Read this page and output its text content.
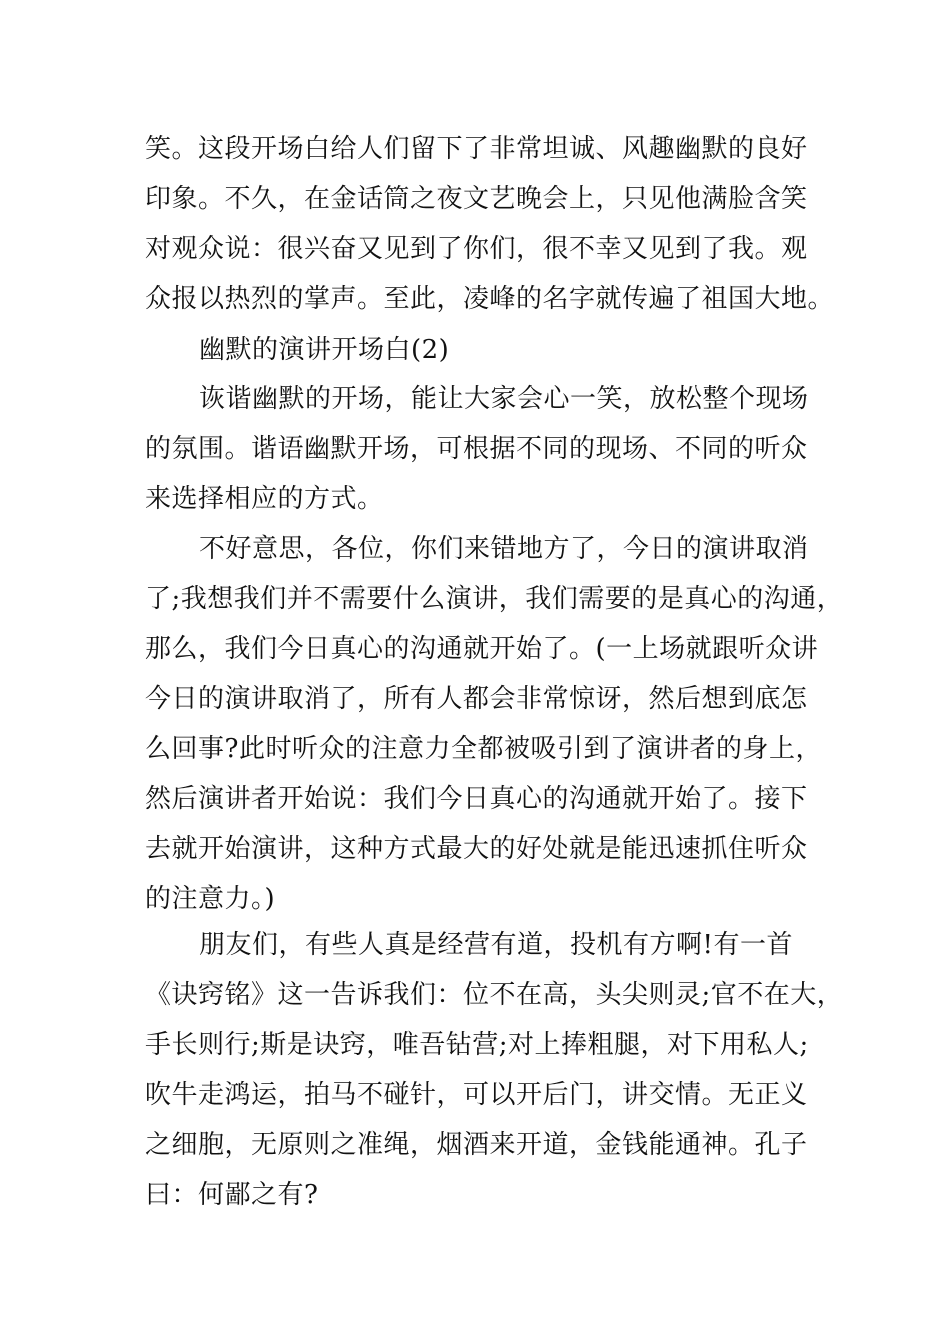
笑。这段开场白给人们留下了非常坦诚、风趣幽默的良好
印象。不久，在金话筒之夜文艺晚会上，只见他满脸含笑
对观众说：很兴奋又见到了你们，很不幸又见到了我。观
众报以热烈的掌声。至此，凌峰的名字就传遍了祖国大地。
幽默的演讲开场白(2)
诙谐幽默的开场，能让大家会心一笑，放松整个现场
的氛围。谐语幽默开场，可根据不同的现场、不同的听众
来选择相应的方式。
不好意思，各位，你们来错地方了，今日的演讲取消
了;我想我们并不需要什么演讲，我们需要的是真心的沟通，
那么，我们今日真心的沟通就开始了。(一上场就跟听众讲
今日的演讲取消了，所有人都会非常惊讶，然后想到底怎
么回事?此时听众的注意力全都被吸引到了演讲者的身上，
然后演讲者开始说：我们今日真心的沟通就开始了。接下
去就开始演讲，这种方式最大的好处就是能迅速抓住听众
的注意力。)
朋友们，有些人真是经营有道，投机有方啊!有一首
《诀窍铭》这一告诉我们：位不在高，头尖则灵;官不在大，
手长则行;斯是诀窍，唯吾钻营;对上捧粗腿，对下用私人;
吹牛走鸿运，拍马不碰针，可以开后门，讲交情。无正义
之细胞，无原则之准绳，烟酒来开道，金钱能通神。孔子
曰：何鄙之有?
